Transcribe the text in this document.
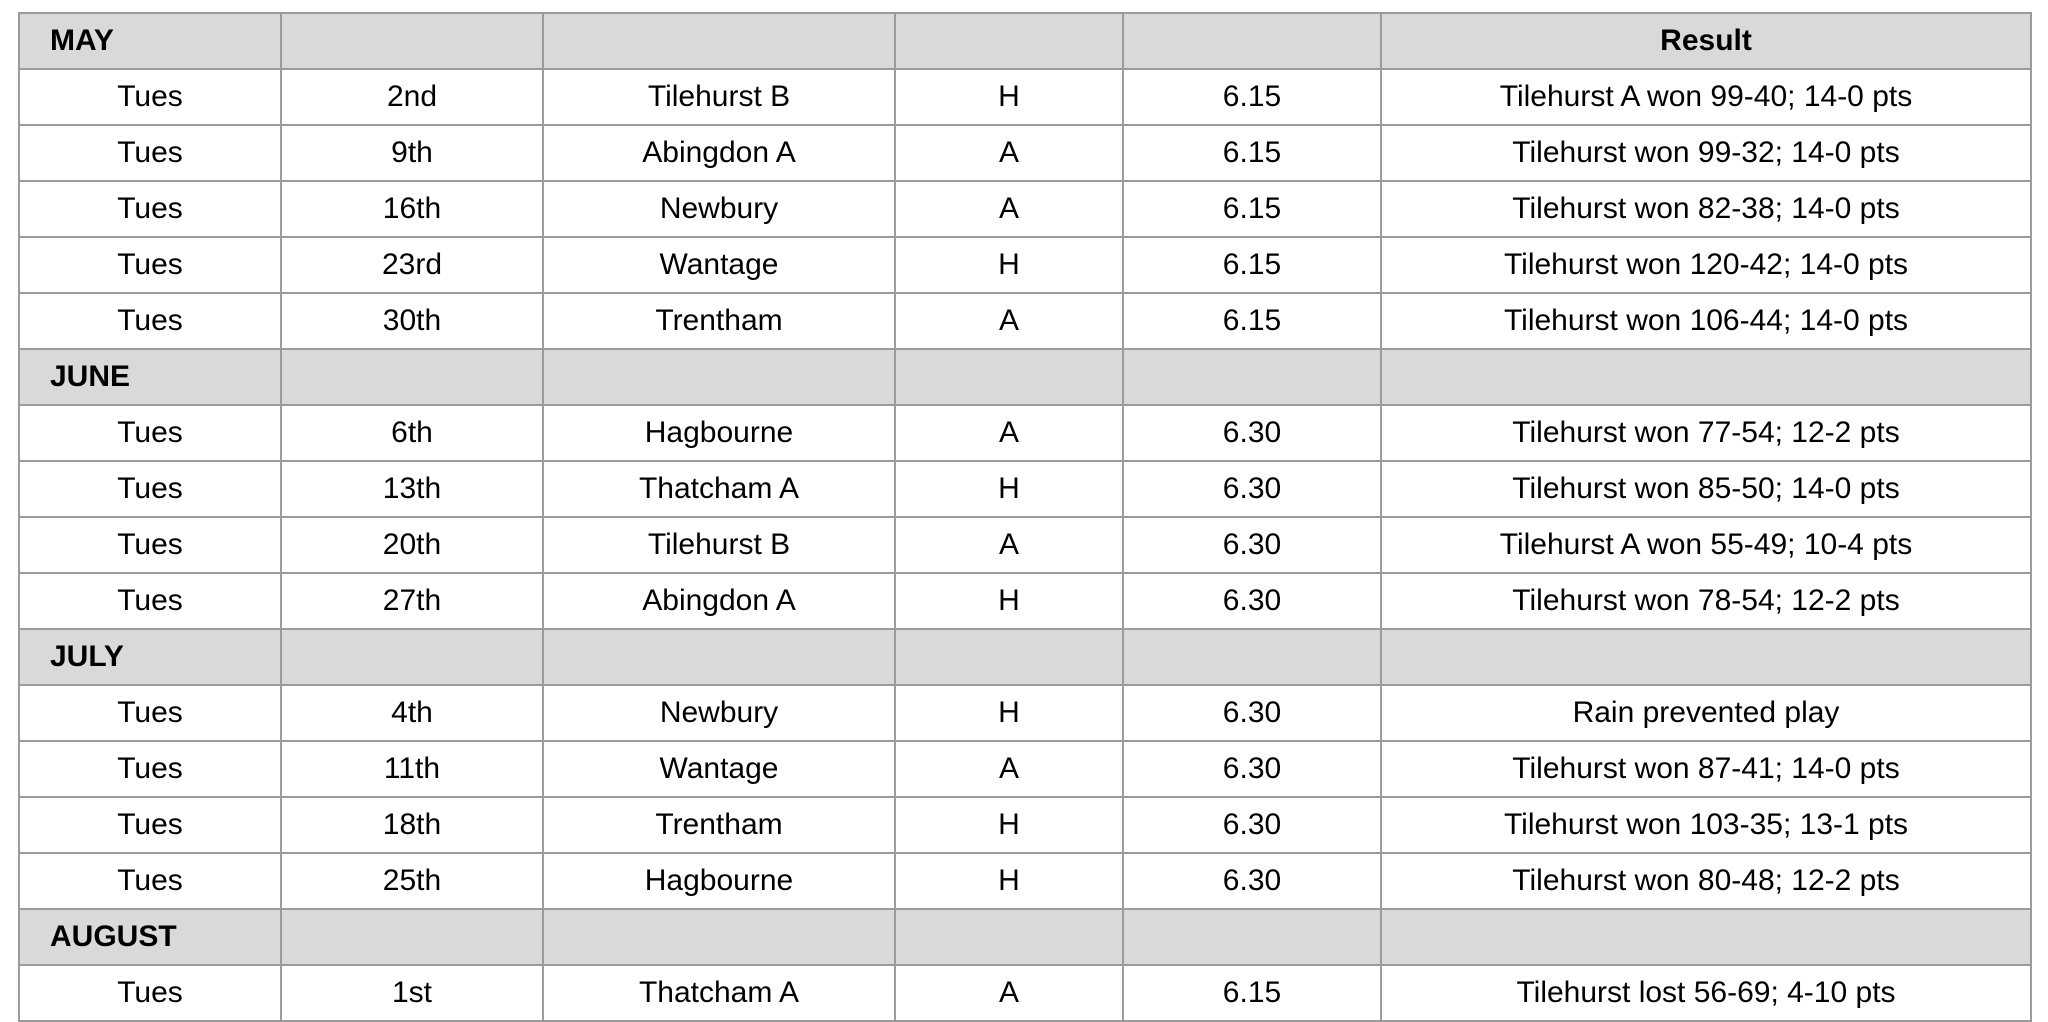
MAY					Result
Tues	2nd	Tilehurst B	H	6.15	Tilehurst A won 99-40; 14-0 pts
Tues	9th	Abingdon A	A	6.15	Tilehurst won 99-32; 14-0 pts
Tues	16th	Newbury	A	6.15	Tilehurst won 82-38; 14-0 pts
Tues	23rd	Wantage	H	6.15	Tilehurst won 120-42; 14-0 pts
Tues	30th	Trentham	A	6.15	Tilehurst won 106-44; 14-0 pts
JUNE					
Tues	6th	Hagbourne	A	6.30	Tilehurst won 77-54; 12-2 pts
Tues	13th	Thatcham A	H	6.30	Tilehurst won 85-50; 14-0 pts
Tues	20th	Tilehurst B	A	6.30	Tilehurst A won 55-49; 10-4 pts
Tues	27th	Abingdon A	H	6.30	Tilehurst won 78-54; 12-2 pts
JULY					
Tues	4th	Newbury	H	6.30	Rain prevented play
Tues	11th	Wantage	A	6.30	Tilehurst won 87-41; 14-0 pts
Tues	18th	Trentham	H	6.30	Tilehurst won 103-35; 13-1 pts
Tues	25th	Hagbourne	H	6.30	Tilehurst won 80-48; 12-2 pts
AUGUST					
Tues	1st	Thatcham A	A	6.15	Tilehurst lost 56-69; 4-10 pts
